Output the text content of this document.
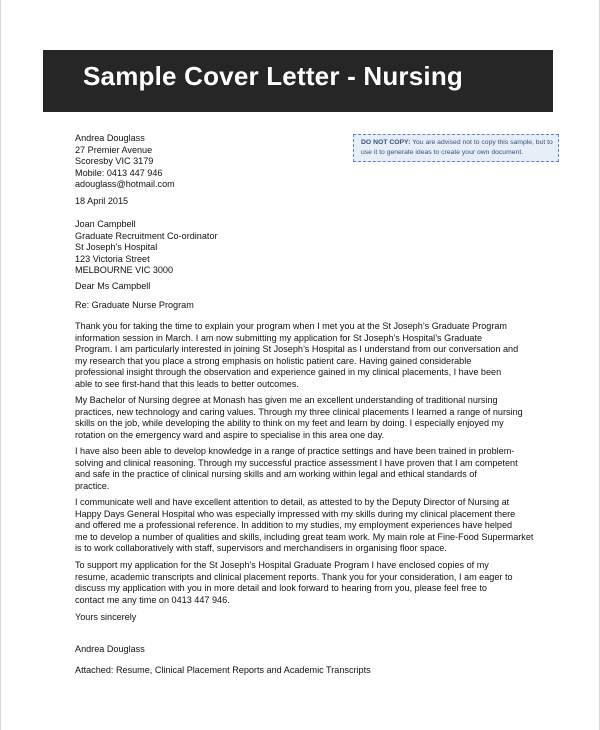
Sample Cover Letter - Nursing
DO NOT COPY: You are advised not to copy this sample, but to
use it to generate ideas to create your own document.
Andrea Douglass
27 Premier Avenue
Scoresby VIC 3179
Mobile: 0413 447 946
adouglass@hotmail.com
18 April 2015
Joan Campbell
Graduate Recruitment Co-ordinator
St Joseph’s Hospital
123 Victoria Street
MELBOURNE VIC 3000
Dear Ms Campbell
Re: Graduate Nurse Program
Thank you for taking the time to explain your program when I met you at the St Joseph’s Graduate Program
information session in March. I am now submitting my application for St Joseph’s Hospital’s Graduate
Program. I am particularly interested in joining St Joseph’s Hospital as I understand from our conversation and
my research that you place a strong emphasis on holistic patient care. Having gained considerable
professional insight through the observation and experience gained in my clinical placements, I have been
able to see first-hand that this leads to better outcomes.
My Bachelor of Nursing degree at Monash has given me an excellent understanding of traditional nursing
practices, new technology and caring values. Through my three clinical placements I learned a range of nursing
skills on the job, while developing the ability to think on my feet and learn by doing. I especially enjoyed my
rotation on the emergency ward and aspire to specialise in this area one day.
I have also been able to develop knowledge in a range of practice settings and have been trained in problem-
solving and clinical reasoning. Through my successful practice assessment I have proven that I am competent
and safe in the practice of clinical nursing skills and am working within legal and ethical standards of
practice.
I communicate well and have excellent attention to detail, as attested to by the Deputy Director of Nursing at
Happy Days General Hospital who was especially impressed with my skills during my clinical placement there
and offered me a professional reference. In addition to my studies, my employment experiences have helped
me to develop a number of qualities and skills, including great team work. My main role at Fine-Food Supermarket
is to work collaboratively with staff, supervisors and merchandisers in organising floor space.
To support my application for the St Joseph’s Hospital Graduate Program I have enclosed copies of my
resume, academic transcripts and clinical placement reports. Thank you for your consideration, I am eager to
discuss my application with you in more detail and look forward to hearing from you, please feel free to
contact me any time on 0413 447 946.
Yours sincerely
Andrea Douglass
Attached: Resume, Clinical Placement Reports and Academic Transcripts
